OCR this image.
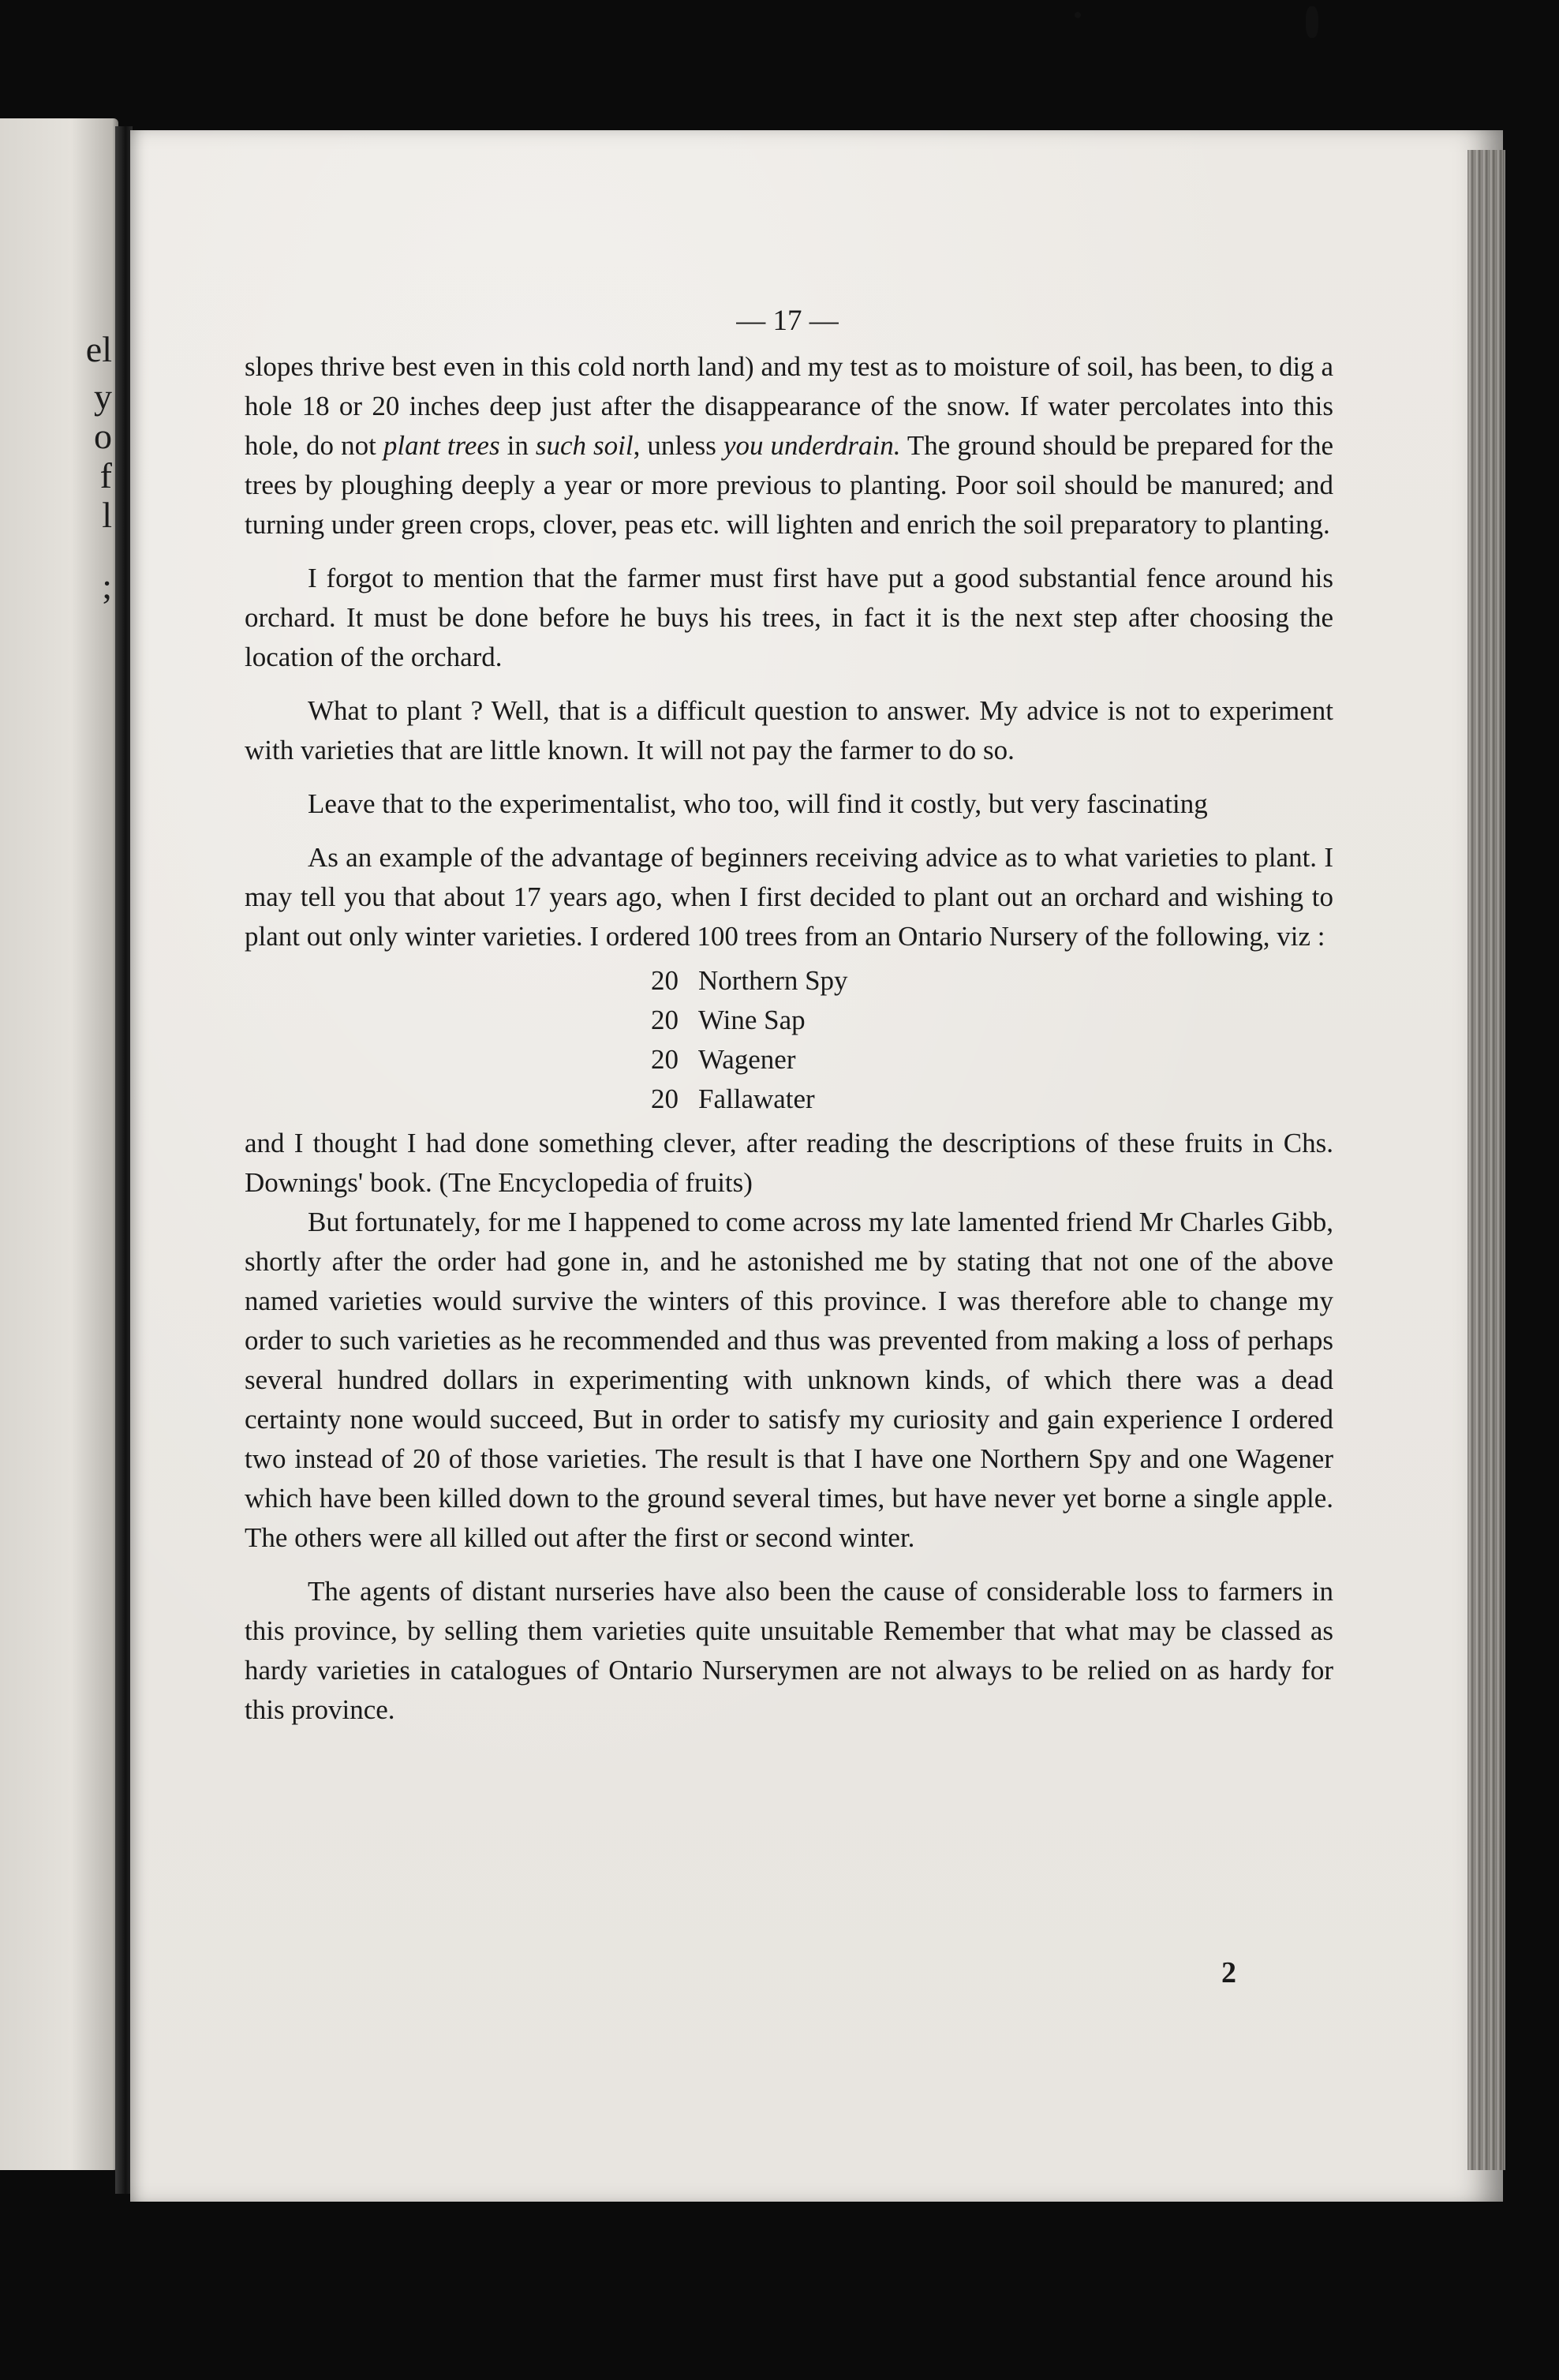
el
y
o
f
l
;
— 17 —

slopes thrive best even in this cold north land) and my test as to moisture of soil, has been, to dig a hole 18 or 20 inches deep just after the disappearance of the snow. If water percolates into this hole, do not plant trees in such soil, unless you underdrain. The ground should be prepared for the trees by ploughing deeply a year or more previous to planting. Poor soil should be manured; and turning under green crops, clover, peas etc. will lighten and enrich the soil preparatory to planting.

I forgot to mention that the farmer must first have put a good substantial fence around his orchard. It must be done before he buys his trees, in fact it is the next step after choosing the location of the orchard.

What to plant ? Well, that is a difficult question to answer. My advice is not to experiment with varieties that are little known. It will not pay the farmer to do so.

Leave that to the experimentalist, who too, will find it costly, but very fascinating

As an example of the advantage of beginners receiving advice as to what varieties to plant. I may tell you that about 17 years ago, when I first decided to plant out an orchard and wishing to plant out only winter varieties. I ordered 100 trees from an Ontario Nursery of the following, viz :

20 Northern Spy
20 Wine Sap
20 Wagener
20 Fallawater

and I thought I had done something clever, after reading the descriptions of these fruits in Chs. Downings' book. (Tne Encyclopedia of fruits)

But fortunately, for me I happened to come across my late lamented friend Mr Charles Gibb, shortly after the order had gone in, and he astonished me by stating that not one of the above named varieties would survive the winters of this province. I was therefore able to change my order to such varieties as he recommended and thus was prevented from making a loss of perhaps several hundred dollars in experimenting with unknown kinds, of which there was a dead certainty none would succeed, But in order to satisfy my curiosity and gain experience I ordered two instead of 20 of those varieties. The result is that I have one Northern Spy and one Wagener which have been killed down to the ground several times, but have never yet borne a single apple. The others were all killed out after the first or second winter.

The agents of distant nurseries have also been the cause of considerable loss to farmers in this province, by selling them varieties quite unsuitable Remember that what may be classed as hardy varieties in catalogues of Ontario Nurserymen are not always to be relied on as hardy for this province.

2
